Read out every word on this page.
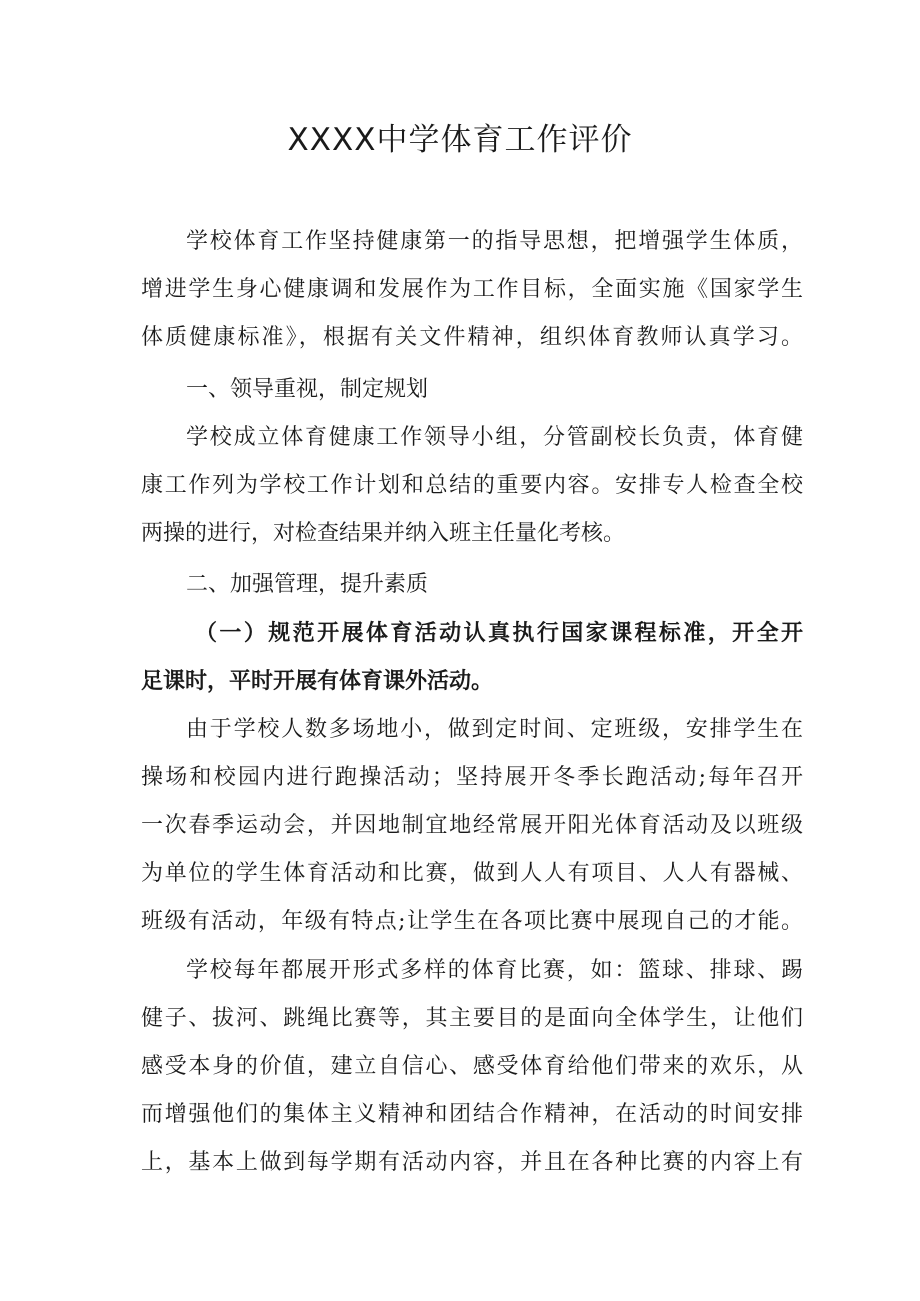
XXXX中学体育工作评价
学校体育工作坚持健康第一的指导思想，把增强学生体质，
增进学生身心健康调和发展作为工作目标，全面实施《国家学生
体质健康标准》，根据有关文件精神，组织体育教师认真学习。
一、领导重视，制定规划
学校成立体育健康工作领导小组，分管副校长负责，体育健
康工作列为学校工作计划和总结的重要内容。安排专人检查全校
两操的进行，对检查结果并纳入班主任量化考核。
二、加强管理，提升素质
（一）规范开展体育活动认真执行国家课程标准，开全开
足课时，平时开展有体育课外活动。
由于学校人数多场地小，做到定时间、定班级，安排学生在
操场和校园内进行跑操活动；坚持展开冬季长跑活动;每年召开
一次春季运动会，并因地制宜地经常展开阳光体育活动及以班级
为单位的学生体育活动和比赛，做到人人有项目、人人有器械、
班级有活动，年级有特点;让学生在各项比赛中展现自己的才能。
学校每年都展开形式多样的体育比赛，如：篮球、排球、踢
健子、拔河、跳绳比赛等，其主要目的是面向全体学生，让他们
感受本身的价值，建立自信心、感受体育给他们带来的欢乐，从
而增强他们的集体主义精神和团结合作精神，在活动的时间安排
上，基本上做到每学期有活动内容，并且在各种比赛的内容上有
